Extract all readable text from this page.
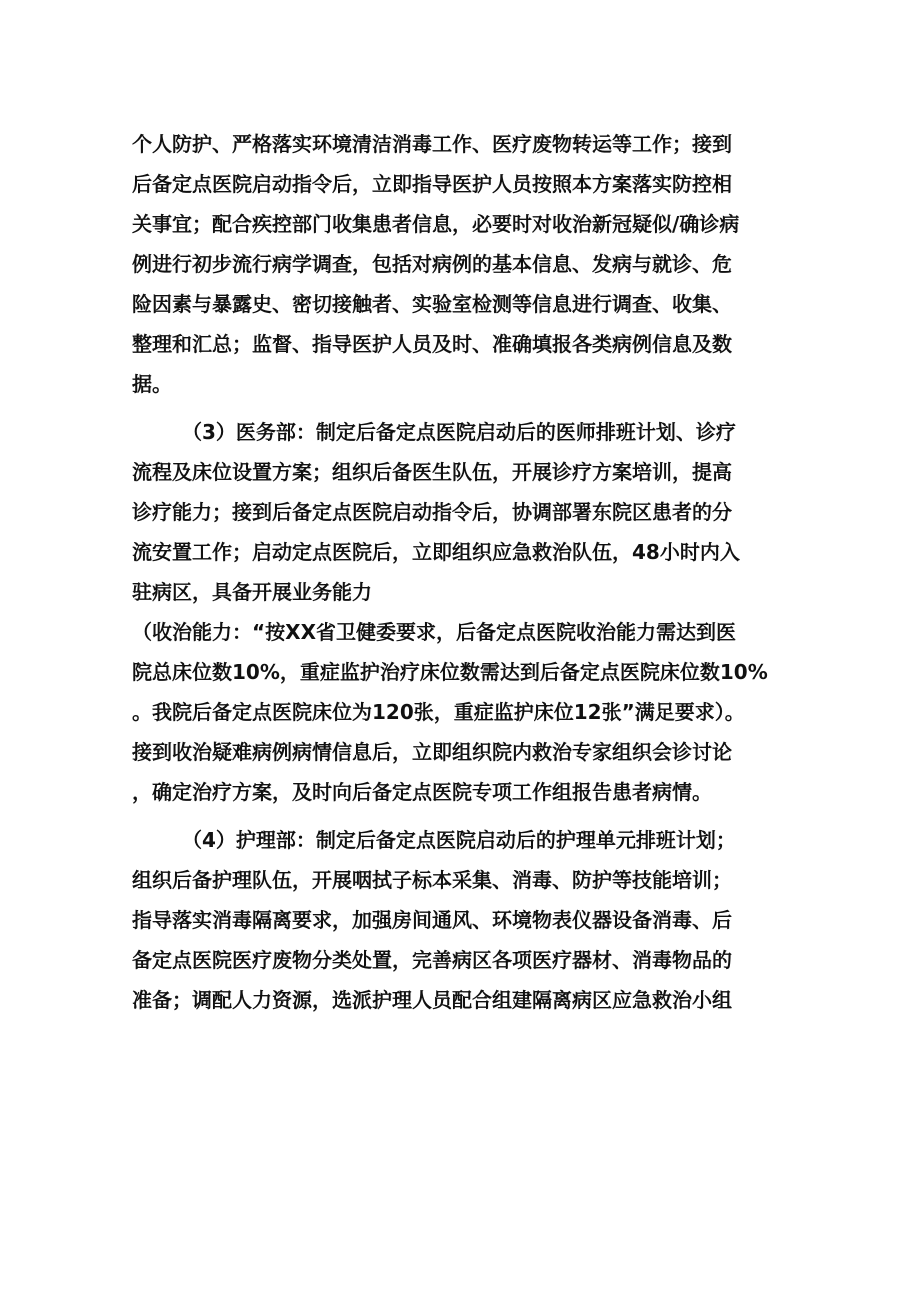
个人防护、严格落实环境清洁消毒工作、医疗废物转运等工作；接到
后备定点医院启动指令后，立即指导医护人员按照本方案落实防控相
关事宜；配合疾控部门收集患者信息，必要时对收治新冠疑似/确诊病
例进行初步流行病学调查，包括对病例的基本信息、发病与就诊、危
险因素与暴露史、密切接触者、实验室检测等信息进行调查、收集、
整理和汇总；监督、指导医护人员及时、准确填报各类病例信息及数
据。
（3）医务部：制定后备定点医院启动后的医师排班计划、诊疗
流程及床位设置方案；组织后备医生队伍，开展诊疗方案培训，提高
诊疗能力；接到后备定点医院启动指令后，协调部署东院区患者的分
流安置工作；启动定点医院后，立即组织应急救治队伍，48小时内入
驻病区，具备开展业务能力
（收治能力：“按XX省卫健委要求，后备定点医院收治能力需达到医
院总床位数10%，重症监护治疗床位数需达到后备定点医院床位数10%
。我院后备定点医院床位为120张，重症监护床位12张”满足要求）。
接到收治疑难病例病情信息后，立即组织院内救治专家组织会诊讨论
，确定治疗方案，及时向后备定点医院专项工作组报告患者病情。
（4）护理部：制定后备定点医院启动后的护理单元排班计划；
组织后备护理队伍，开展咽拭子标本采集、消毒、防护等技能培训；
指导落实消毒隔离要求，加强房间通风、环境物表仪器设备消毒、后
备定点医院医疗废物分类处置，完善病区各项医疗器材、消毒物品的
准备；调配人力资源，选派护理人员配合组建隔离病区应急救治小组
